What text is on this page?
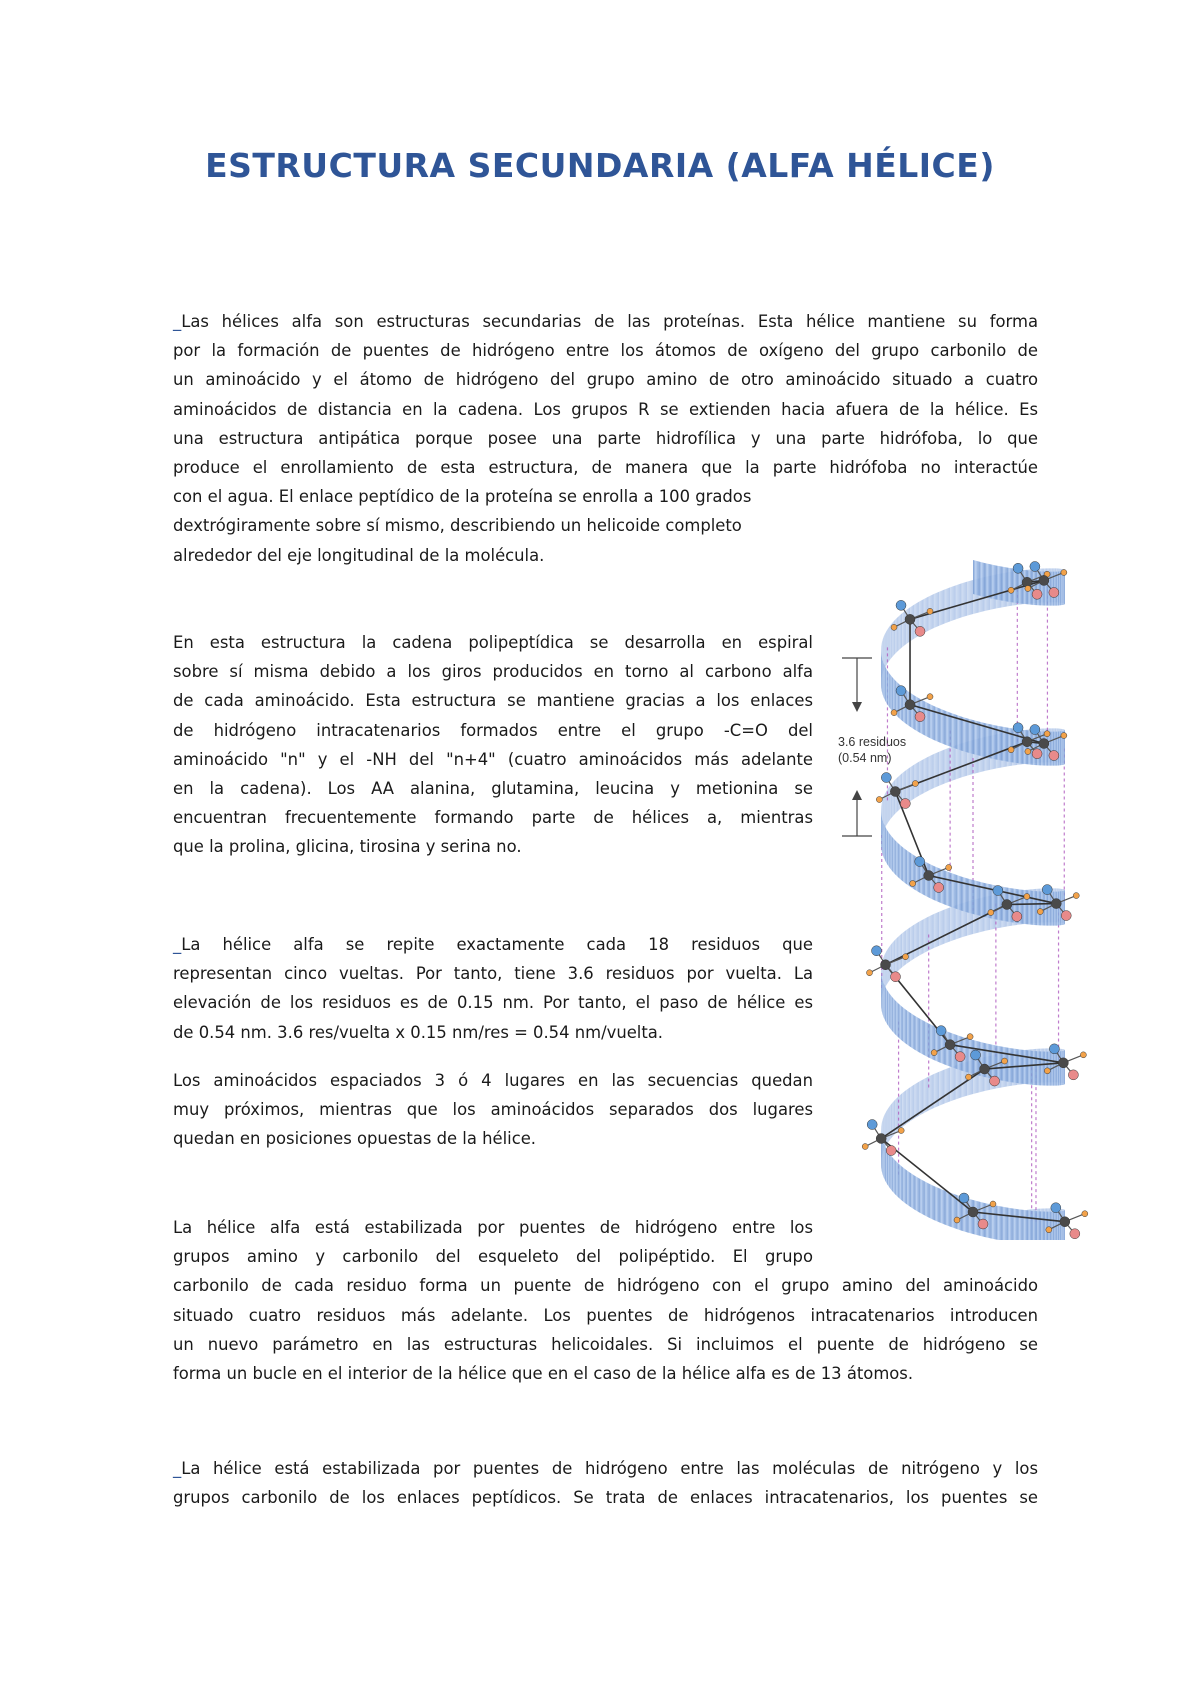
ESTRUCTURA SECUNDARIA (ALFA HÉLICE)
_Las hélices alfa son estructuras secundarias de las proteínas. Esta hélice mantiene su forma
por la formación de puentes de hidrógeno entre los átomos de oxígeno del grupo carbonilo de
un aminoácido y el átomo de hidrógeno del grupo amino de otro aminoácido situado a cuatro
aminoácidos de distancia en la cadena. Los grupos R se extienden hacia afuera de la hélice. Es
una estructura antipática porque posee una parte hidrofílica y una parte hidrófoba, lo que
produce el enrollamiento de esta estructura, de manera que la parte hidrófoba no interactúe
con el agua. El enlace peptídico de la proteína se enrolla a 100 grados
dextrógiramente sobre sí mismo, describiendo un helicoide completo
alrededor del eje longitudinal de la molécula.
En esta estructura la cadena polipeptídica se desarrolla en espiral
sobre sí misma debido a los giros producidos en torno al carbono alfa
de cada aminoácido. Esta estructura se mantiene gracias a los enlaces
de hidrógeno intracatenarios formados entre el grupo -C=O del
aminoácido "n" y el -NH del "n+4" (cuatro aminoácidos más adelante
en la cadena). Los AA alanina, glutamina, leucina y metionina se
encuentran frecuentemente formando parte de hélices a, mientras
que la prolina, glicina, tirosina y serina no.
_La hélice alfa se repite exactamente cada 18 residuos que
representan cinco vueltas. Por tanto, tiene 3.6 residuos por vuelta. La
elevación de los residuos es de 0.15 nm. Por tanto, el paso de hélice es
de 0.54 nm. 3.6 res/vuelta x 0.15 nm/res = 0.54 nm/vuelta.
Los aminoácidos espaciados 3 ó 4 lugares en las secuencias quedan
muy próximos, mientras que los aminoácidos separados dos lugares
quedan en posiciones opuestas de la hélice.
La hélice alfa está estabilizada por puentes de hidrógeno entre los
grupos amino y carbonilo del esqueleto del polipéptido. El grupo
carbonilo de cada residuo forma un puente de hidrógeno con el grupo amino del aminoácido
situado cuatro residuos más adelante. Los puentes de hidrógenos intracatenarios introducen
un nuevo parámetro en las estructuras helicoidales. Si incluimos el puente de hidrógeno se
forma un bucle en el interior de la hélice que en el caso de la hélice alfa es de 13 átomos.
_La hélice está estabilizada por puentes de hidrógeno entre las moléculas de nitrógeno y los
grupos carbonilo de los enlaces peptídicos. Se trata de enlaces intracatenarios, los puentes se
3.6 residuos
(0.54 nm)
